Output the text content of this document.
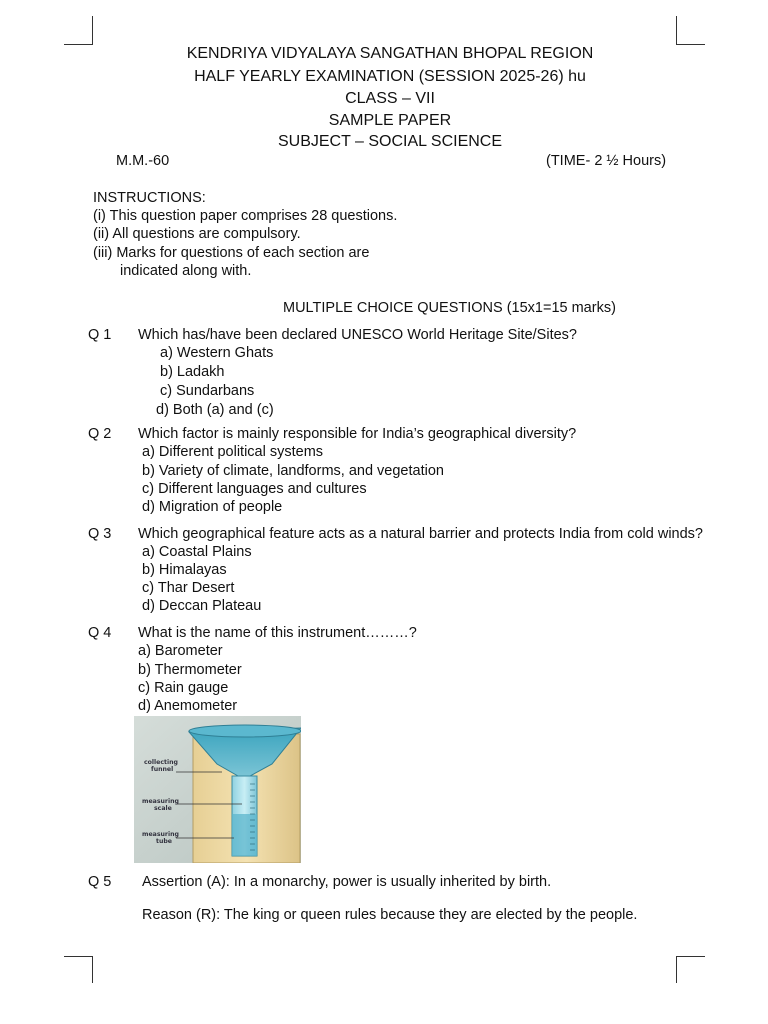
KENDRIYA VIDYALAYA SANGATHAN BHOPAL REGION
HALF YEARLY EXAMINATION (SESSION 2025-26) hu
CLASS – VII
SAMPLE PAPER
SUBJECT – SOCIAL SCIENCE
M.M.-60	(TIME- 2 ½ Hours)
INSTRUCTIONS:
(i) This question paper comprises 28 questions.
(ii) All questions are compulsory.
(iii) Marks for questions of each section are
indicated along with.
MULTIPLE CHOICE QUESTIONS (15x1=15 marks)
Q 1 Which has/have been declared UNESCO World Heritage Site/Sites?
a) Western Ghats
b) Ladakh
c) Sundarbans
d) Both (a) and (c)
Q 2 Which factor is mainly responsible for India’s geographical diversity?
a) Different political systems
b) Variety of climate, landforms, and vegetation
c) Different languages and cultures
d) Migration of people
Q 3 Which geographical feature acts as a natural barrier and protects India from cold winds?
a) Coastal Plains
b) Himalayas
c) Thar Desert
d) Deccan Plateau
Q 4 What is the name of this instrument………?
a) Barometer
b) Thermometer
c) Rain gauge
d) Anemometer
collecting
funnel
measuring
scale
measuring
tube
Q 5 Assertion (A): In a monarchy, power is usually inherited by birth.
Reason (R): The king or queen rules because they are elected by the people.
